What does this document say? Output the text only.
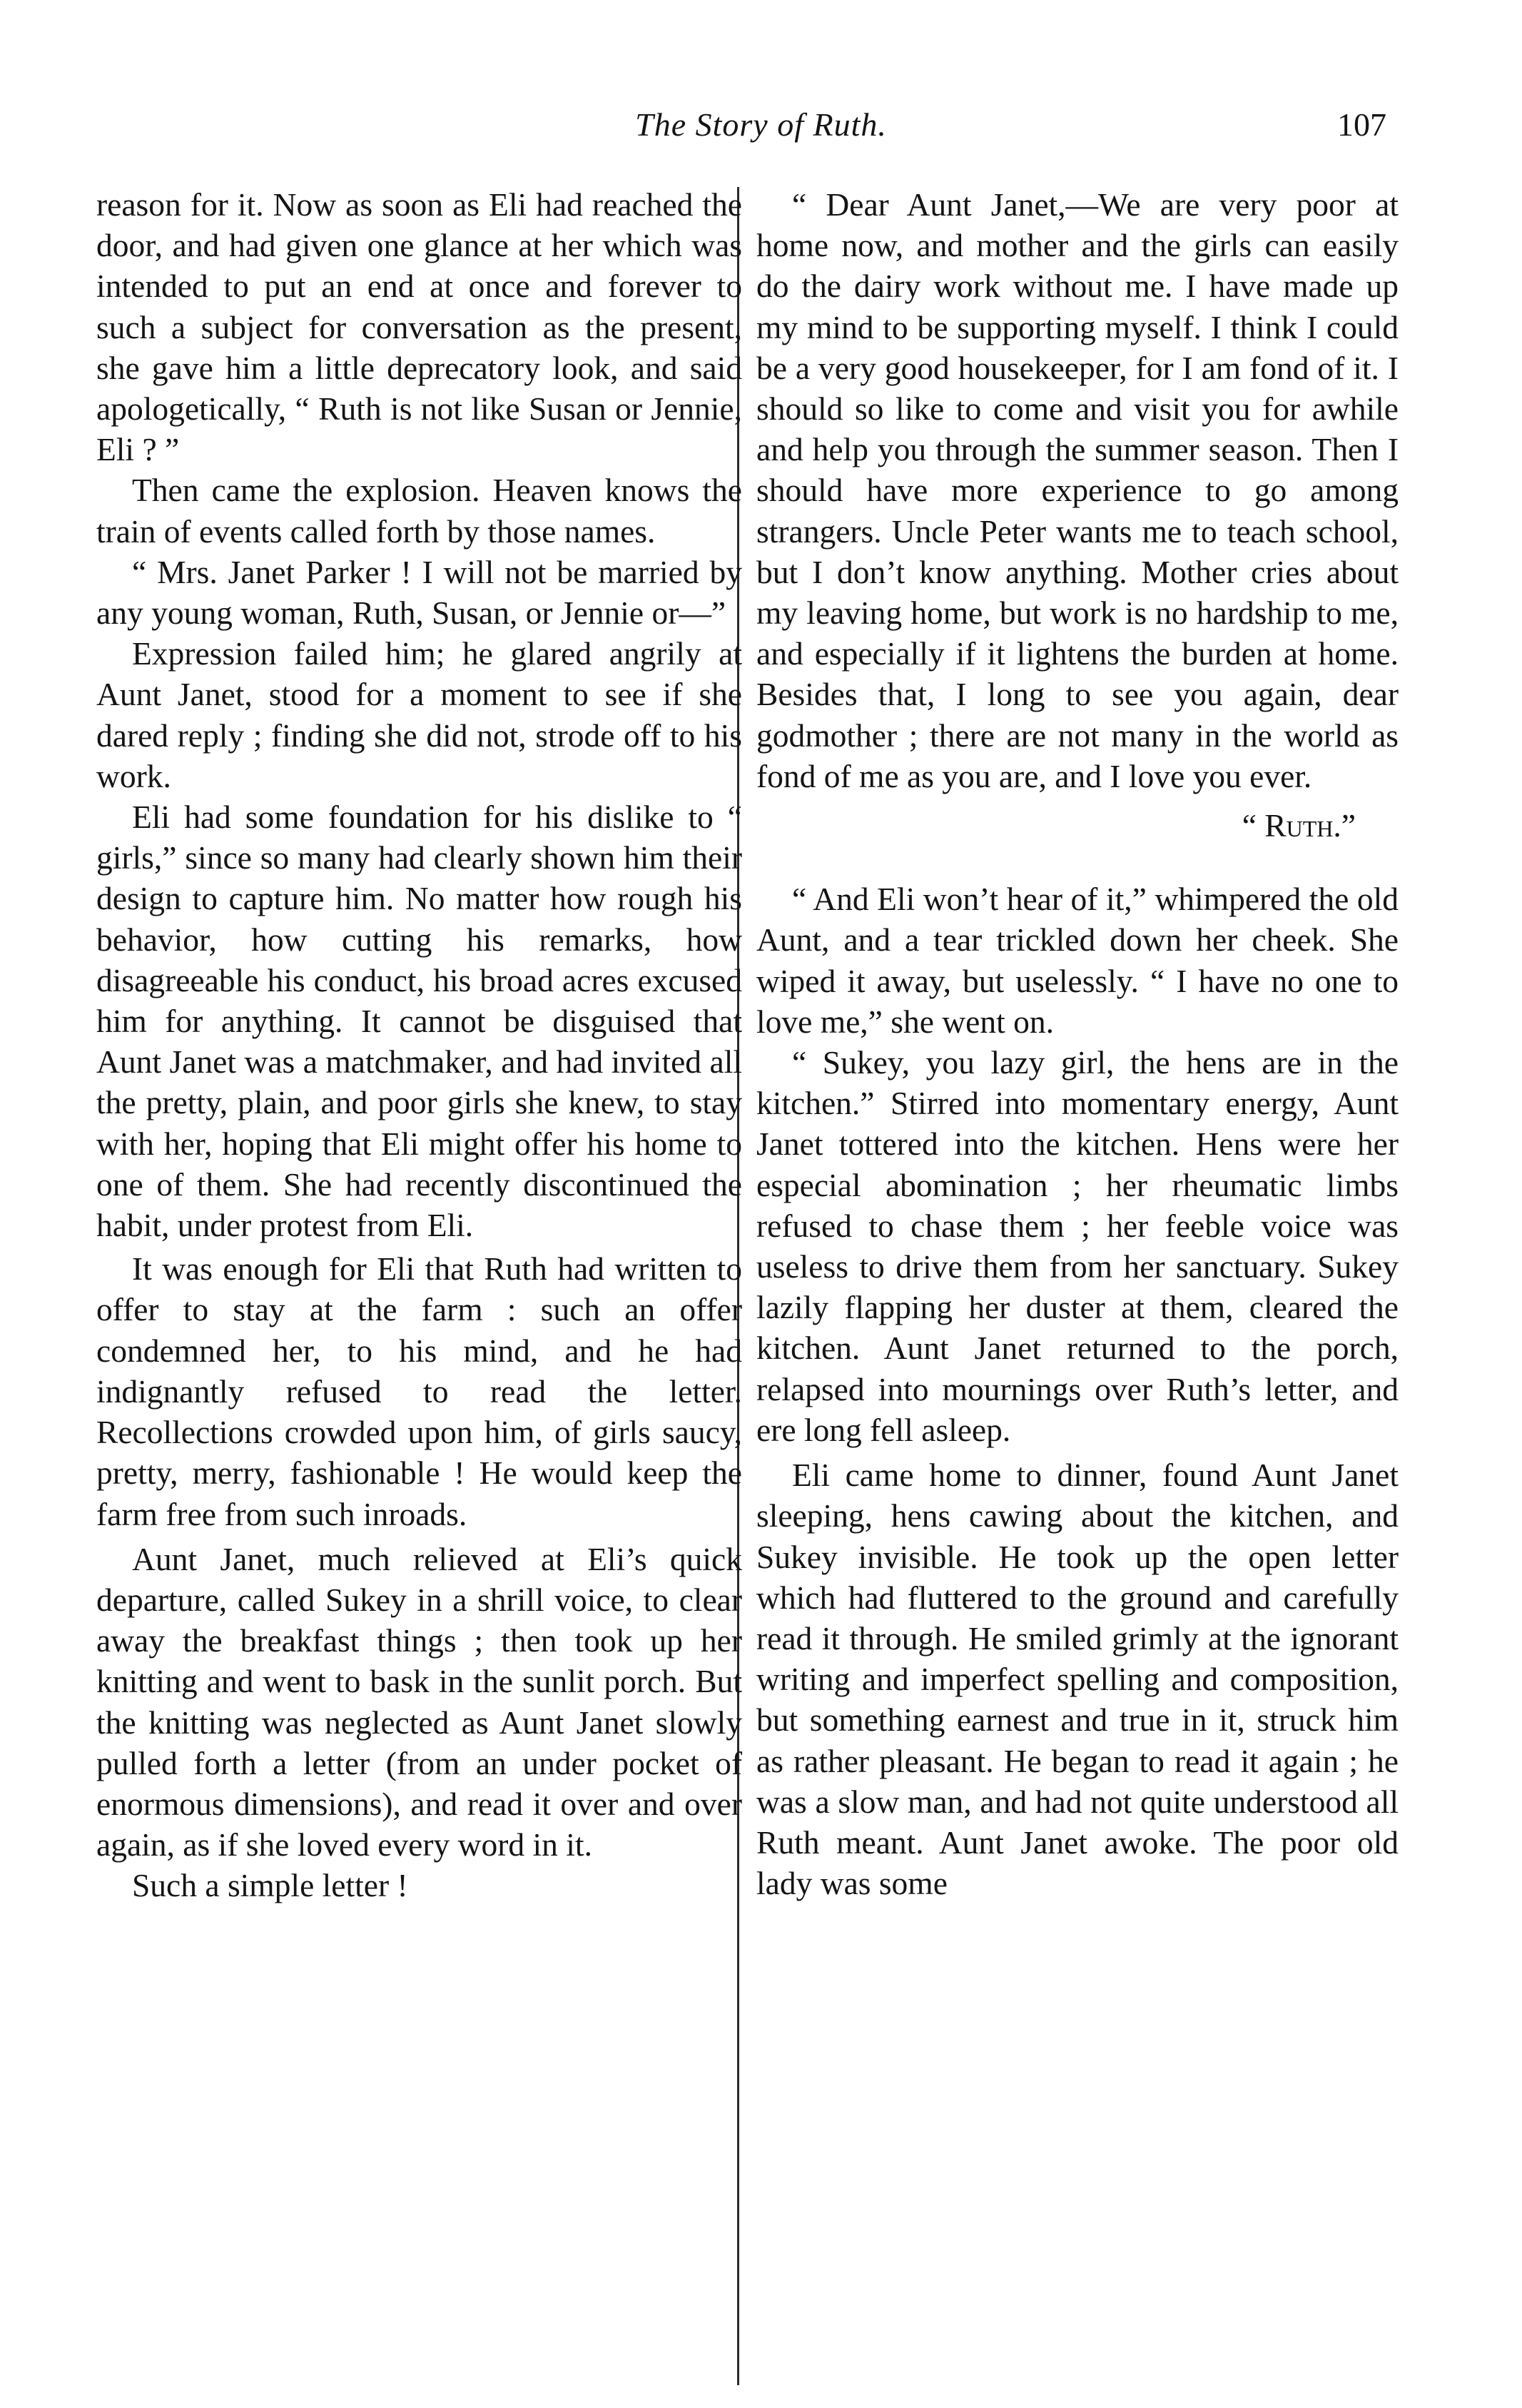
The Story of Ruth.	107

reason for it. Now as soon as Eli had reached the door, and had given one glance at her which was intended to put an end at once and forever to such a subject for conversation as the present, she gave him a little deprecatory look, and said apologetically, “ Ruth is not like Susan or Jennie, Eli ? ”

Then came the explosion. Heaven knows the train of events called forth by those names.

“ Mrs. Janet Parker ! I will not be married by any young woman, Ruth, Susan, or Jennie or—”

Expression failed him; he glared angrily at Aunt Janet, stood for a moment to see if she dared reply ; finding she did not, strode off to his work.

Eli had some foundation for his dislike to “ girls,” since so many had clearly shown him their design to capture him. No matter how rough his behavior, how cutting his remarks, how disagreeable his conduct, his broad acres excused him for anything. It cannot be disguised that Aunt Janet was a matchmaker, and had invited all the pretty, plain, and poor girls she knew, to stay with her, hoping that Eli might offer his home to one of them. She had recently discontinued the habit, under protest from Eli.

It was enough for Eli that Ruth had written to offer to stay at the farm : such an offer condemned her, to his mind, and he had indignantly refused to read the letter. Recollections crowded upon him, of girls saucy, pretty, merry, fashionable ! He would keep the farm free from such inroads.

Aunt Janet, much relieved at Eli’s quick departure, called Sukey in a shrill voice, to clear away the breakfast things ; then took up her knitting and went to bask in the sunlit porch. But the knitting was neglected as Aunt Janet slowly pulled forth a letter (from an under pocket of enormous dimensions), and read it over and over again, as if she loved every word in it.

Such a simple letter !

“ Dear Aunt Janet,—We are very poor at home now, and mother and the girls can easily do the dairy work without me. I have made up my mind to be supporting myself. I think I could be a very good housekeeper, for I am fond of it. I should so like to come and visit you for awhile and help you through the summer season. Then I should have more experience to go among strangers. Uncle Peter wants me to teach school, but I don’t know anything. Mother cries about my leaving home, but work is no hardship to me, and especially if it lightens the burden at home. Besides that, I long to see you again, dear godmother ; there are not many in the world as fond of me as you are, and I love you ever.

“ Ruth.”

“ And Eli won’t hear of it,” whimpered the old Aunt, and a tear trickled down her cheek. She wiped it away, but uselessly. “ I have no one to love me,” she went on.

“ Sukey, you lazy girl, the hens are in the kitchen.” Stirred into momentary energy, Aunt Janet tottered into the kitchen. Hens were her especial abomination ; her rheumatic limbs refused to chase them ; her feeble voice was useless to drive them from her sanctuary. Sukey lazily flapping her duster at them, cleared the kitchen. Aunt Janet returned to the porch, relapsed into mournings over Ruth’s letter, and ere long fell asleep.

Eli came home to dinner, found Aunt Janet sleeping, hens cawing about the kitchen, and Sukey invisible. He took up the open letter which had fluttered to the ground and carefully read it through. He smiled grimly at the ignorant writing and imperfect spelling and composition, but something earnest and true in it, struck him as rather pleasant. He began to read it again ; he was a slow man, and had not quite understood all Ruth meant. Aunt Janet awoke. The poor old lady was some
